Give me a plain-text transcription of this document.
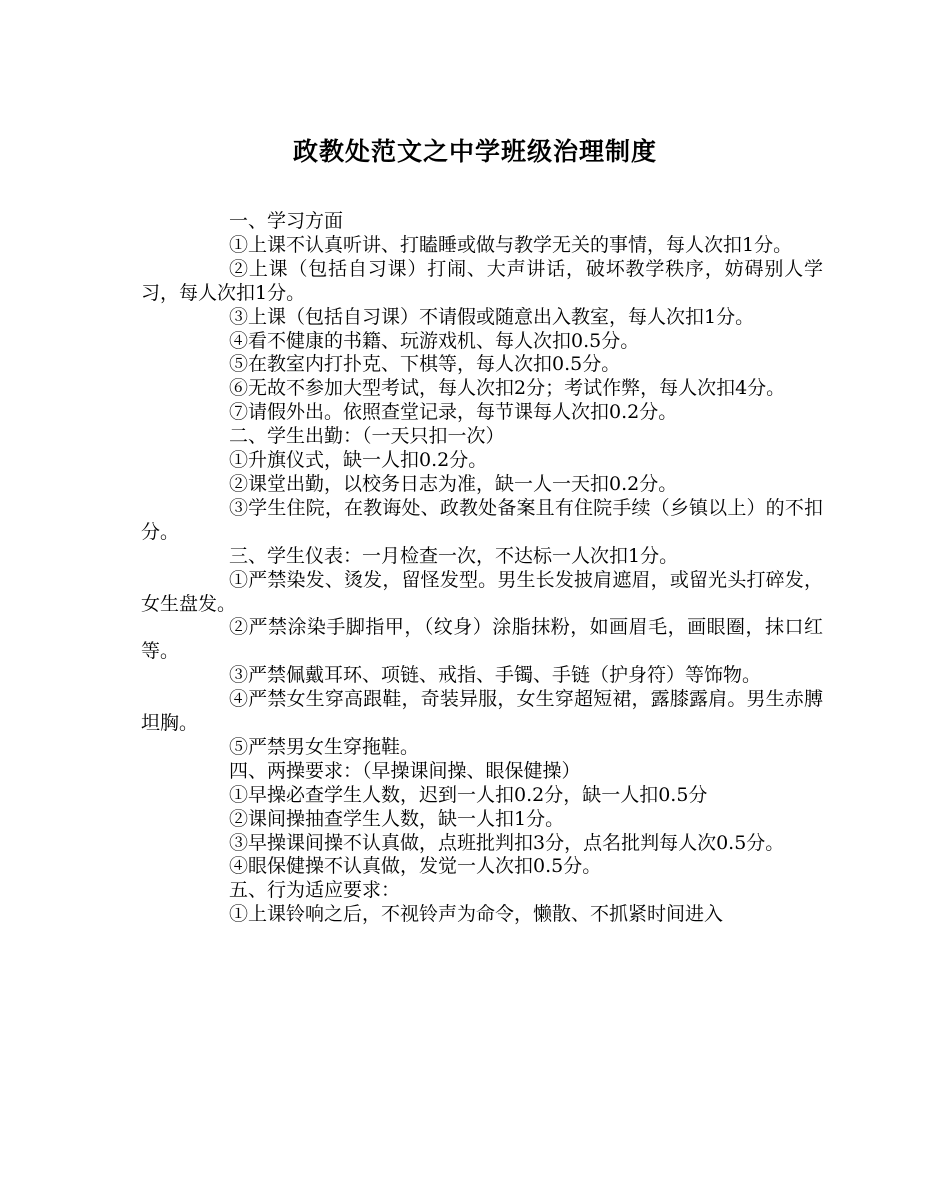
政教处范文之中学班级治理制度

一、学习方面

①上课不认真听讲、打瞌睡或做与教学无关的事情，每人次扣1分。

②上课（包括自习课）打闹、大声讲话，破坏教学秩序，妨碍别人学习，每人次扣1分。

③上课（包括自习课）不请假或随意出入教室，每人次扣1分。

④看不健康的书籍、玩游戏机、每人次扣0.5分。

⑤在教室内打扑克、下棋等，每人次扣0.5分。

⑥无故不参加大型考试，每人次扣2分；考试作弊，每人次扣4分。

⑦请假外出。依照查堂记录，每节课每人次扣0.2分。

二、学生出勤：（一天只扣一次）

①升旗仪式，缺一人扣0.2分。

②课堂出勤，以校务日志为准，缺一人一天扣0.2分。

③学生住院，在教诲处、政教处备案且有住院手续（乡镇以上）的不扣分。

三、学生仪表：一月检查一次，不达标一人次扣1分。

①严禁染发、烫发，留怪发型。男生长发披肩遮眉，或留光头打碎发，女生盘发。

②严禁涂染手脚指甲，（纹身）涂脂抹粉，如画眉毛，画眼圈，抹口红等。

③严禁佩戴耳环、项链、戒指、手镯、手链（护身符）等饰物。

④严禁女生穿高跟鞋，奇装异服，女生穿超短裙，露膝露肩。男生赤膊坦胸。

⑤严禁男女生穿拖鞋。

四、两操要求：（早操课间操、眼保健操）

①早操必查学生人数，迟到一人扣0.2分，缺一人扣0.5分

②课间操抽查学生人数，缺一人扣1分。

③早操课间操不认真做，点班批判扣3分，点名批判每人次0.5分。

④眼保健操不认真做，发觉一人次扣0.5分。

五、行为适应要求：

①上课铃响之后，不视铃声为命令，懒散、不抓紧时间进入
